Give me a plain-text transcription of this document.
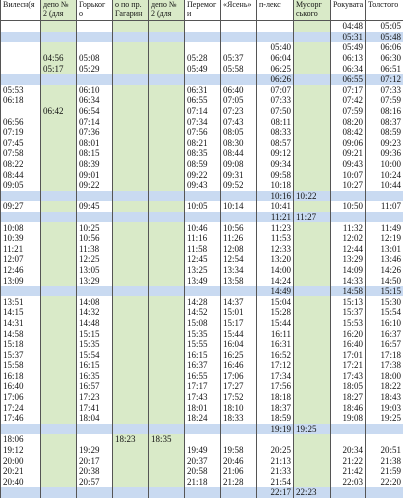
Вилесн(я	депо № 2 (для	Горьког о	о по пр. Гагарин	депо № 2 (для	Перемог и	«Ясень»	п-лекс	Мусорг ського	Рокувата	Толстого
									04:48	05:05
									05:31	05:48
							05:40		05:49	06:06
	04:56	05:08			05:28	05:37	06:04		06:13	06:30
	05:17	05:29			05:49	05:58	06:25		06:34	06:51
							06:26		06:55	07:12
05:53		06:10			06:31	06:40	07:07		07:17	07:33
06:18		06:34			06:55	07:05	07:33		07:42	07:59
	06:42	06:54			07:14	07:23	07:50		07:59	08:16
06:56		07:14			07:34	07:43	08:11		08:20	08:37
07:19		07:36			07:56	08:05	08:33		08:42	08:59
07:45		08:01			08:21	08:30	08:57		09:06	09:23
07:58		08:15			08:35	08:44	09:12		09:21	09:36
08:22		08:39			08:59	09:08	09:34		09:43	10:00
08:44		09:01			09:22	09:31	09:58		10:07	10:24
09:05		09:22			09:43	09:52	10:18		10:27	10:44
							10:16	10:22		
09:27		09:45			10:05	10:14	10:41		10:50	11:07
							11:21	11:27		
10:08		10:25			10:46	10:56	11:23		11:32	11:49
10:39		10:56			11:16	11:26	11:53		12:02	12:19
11:21		11:38			11:58	12:08	12:33		12:44	13:01
12:07		12:25			12:45	12:54	13:20		13:29	13:46
12:46		13:05			13:25	13:34	14:00		14:09	14:26
13:09		13:29			13:49	13:58	14:24		14:33	14:50
							14:49		14:58	15:15
13:51		14:08			14:28	14:37	15:04		15:13	15:30
14:15		14:32			14:52	15:01	15:28		15:37	15:54
14:31		14:48			15:08	15:17	15:44		15:53	16:10
14:58		15:15			15:35	15:44	16:11		16:20	16:37
15:18		15:35			15:55	16:04	16:31		16:40	16:57
15:37		15:54			16:15	16:25	16:52		17:01	17:18
15:58		16:15			16:37	16:46	17:12		17:21	17:38
16:18		16:35			16:55	17:06	17:34		17:43	18:00
16:40		16:57			17:17	17:27	17:56		18:05	18:22
17:06		17:23			17:43	17:52	18:18		18:27	18:43
17:24		17:41			18:01	18:10	18:37		18:46	19:03
17:46		18:04			18:24	18:33	18:59		19:08	19:25
							19:19	19:25		
18:06			18:23	18:35						
19:12		19:29			19:49	19:58	20:25		20:34	20:51
20:00		20:17			20:37	20:46	21:13		21:22	21:38
20:21		20:38			20:58	21:06	21:33		21:42	21:59
20:40		20:57			21:18	21:28	21:54		22:03	22:20
							22:17	22:23		
